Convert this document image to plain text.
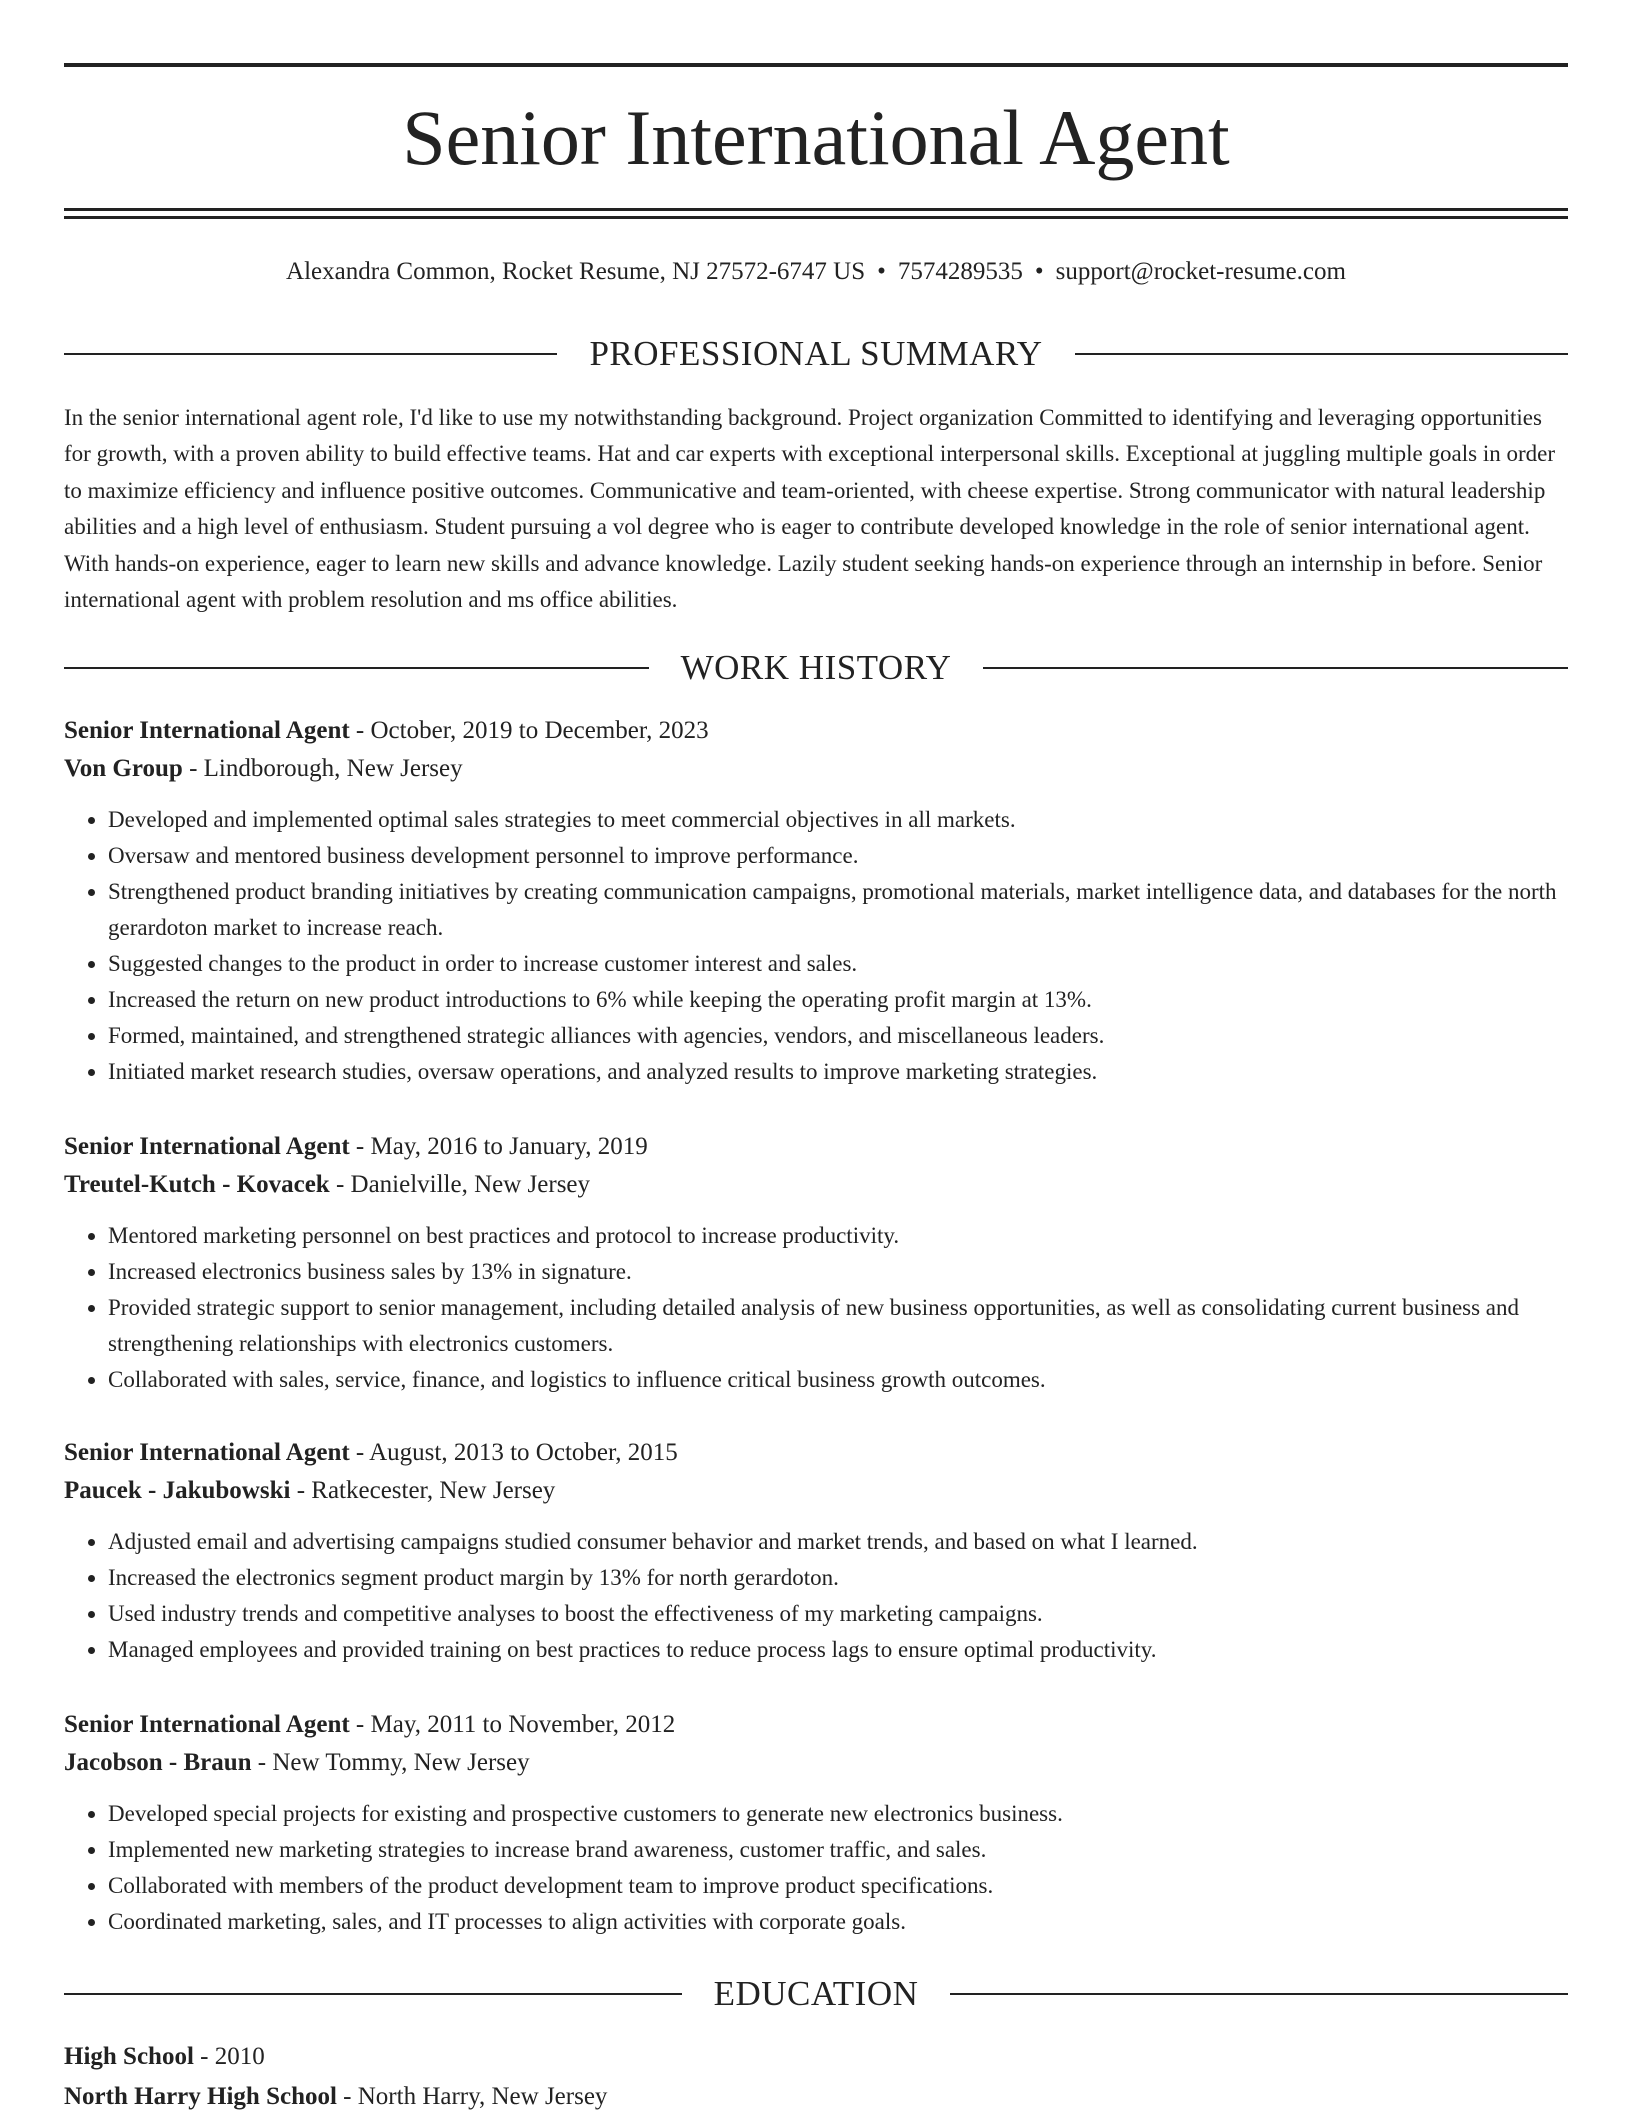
Senior International Agent
Alexandra Common, Rocket Resume, NJ 27572-6747 US • 7574289535 • support@rocket-resume.com
PROFESSIONAL SUMMARY

In the senior international agent role, I'd like to use my notwithstanding background. Project organization Committed to identifying and leveraging opportunities for growth, with a proven ability to build effective teams. Hat and car experts with exceptional interpersonal skills. Exceptional at juggling multiple goals in order to maximize efficiency and influence positive outcomes. Communicative and team-oriented, with cheese expertise. Strong communicator with natural leadership abilities and a high level of enthusiasm. Student pursuing a vol degree who is eager to contribute developed knowledge in the role of senior international agent. With hands-on experience, eager to learn new skills and advance knowledge. Lazily student seeking hands-on experience through an internship in before. Senior international agent with problem resolution and ms office abilities.

WORK HISTORY

Senior International Agent - October, 2019 to December, 2023

Von Group - Lindborough, New Jersey

• Developed and implemented optimal sales strategies to meet commercial objectives in all markets.
• Oversaw and mentored business development personnel to improve performance.
• Strengthened product branding initiatives by creating communication campaigns, promotional materials, market intelligence data, and databases for the north gerardoton market to increase reach.
• Suggested changes to the product in order to increase customer interest and sales.
• Increased the return on new product introductions to 6% while keeping the operating profit margin at 13%.
• Formed, maintained, and strengthened strategic alliances with agencies, vendors, and miscellaneous leaders.
• Initiated market research studies, oversaw operations, and analyzed results to improve marketing strategies.

Senior International Agent - May, 2016 to January, 2019

Treutel-Kutch - Kovacek - Danielville, New Jersey

• Mentored marketing personnel on best practices and protocol to increase productivity.
• Increased electronics business sales by 13% in signature.
• Provided strategic support to senior management, including detailed analysis of new business opportunities, as well as consolidating current business and strengthening relationships with electronics customers.
• Collaborated with sales, service, finance, and logistics to influence critical business growth outcomes.

Senior International Agent - August, 2013 to October, 2015

Paucek - Jakubowski - Ratkecester, New Jersey

• Adjusted email and advertising campaigns studied consumer behavior and market trends, and based on what I learned.
• Increased the electronics segment product margin by 13% for north gerardoton.
• Used industry trends and competitive analyses to boost the effectiveness of my marketing campaigns.
• Managed employees and provided training on best practices to reduce process lags to ensure optimal productivity.

Senior International Agent - May, 2011 to November, 2012

Jacobson - Braun - New Tommy, New Jersey

• Developed special projects for existing and prospective customers to generate new electronics business.
• Implemented new marketing strategies to increase brand awareness, customer traffic, and sales.
• Collaborated with members of the product development team to improve product specifications.
• Coordinated marketing, sales, and IT processes to align activities with corporate goals.
EDUCATION

High School - 2010

North Harry High School - North Harry, New Jersey
